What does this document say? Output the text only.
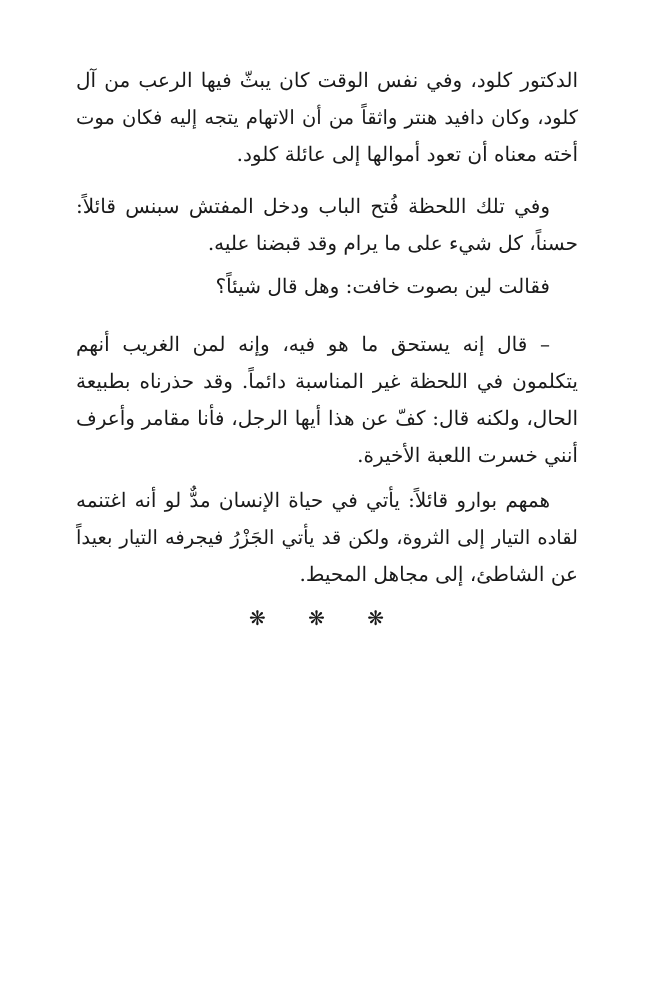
الدكتور كلود، وفي نفس الوقت كان يبثّ فيها الرعب من آل
كلود، وكان دافيد هنتر واثقاً من أن الاتهام يتجه إليه فكان موت
أخته معناه أن تعود أموالها إلى عائلة كلود.
وفي تلك اللحظة فُتح الباب ودخل المفتش سبنس قائلاً:
حسناً، كل شيء على ما يرام وقد قبضنا عليه.
فقالت لين بصوت خافت: وهل قال شيئاً؟
– قال إنه يستحق ما هو فيه، وإنه لمن الغريب أنهم
يتكلمون في اللحظة غير المناسبة دائماً. وقد حذرناه بطبيعة
الحال، ولكنه قال: كفّ عن هذا أيها الرجل، فأنا مقامر وأعرف
أنني خسرت اللعبة الأخيرة.
همهم بوارو قائلاً: يأتي في حياة الإنسان مدٌّ لو أنه اغتنمه
لقاده التيار إلى الثروة، ولكن قد يأتي الجَزْرُ فيجرفه التيار بعيداً
عن الشاطئ، إلى مجاهل المحيط.
❋ ❋ ❋
